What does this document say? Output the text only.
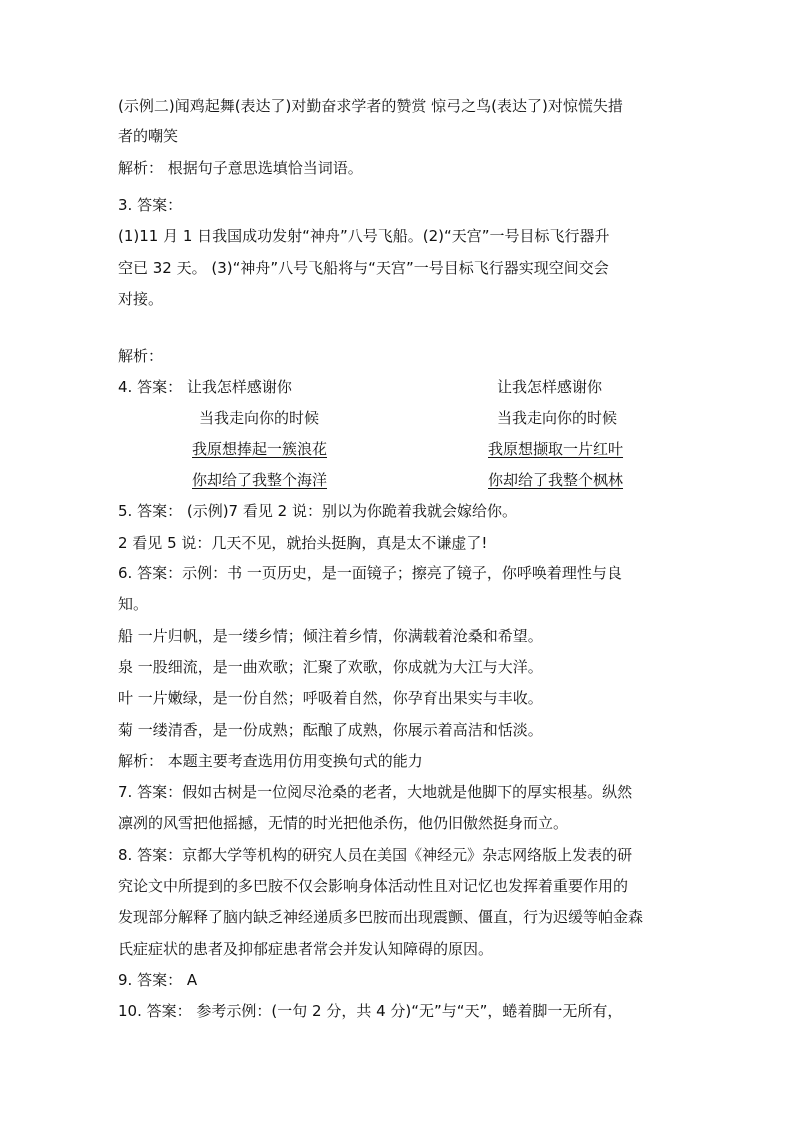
(示例二)闻鸡起舞(表达了)对勤奋求学者的赞赏 惊弓之鸟(表达了)对惊慌失措
者的嘲笑
解析： 根据句子意思选填恰当词语。
3. 答案：
(1)11 月 1 日我国成功发射“神舟”八号飞船。(2)“天宫”一号目标飞行器升
空已 32 天。 (3)“神舟”八号飞船将与“天宫”一号目标飞行器实现空间交会
对接。
解析：
4. 答案： 让我怎样感谢你	让我怎样感谢你
当我走向你的时候	当我走向你的时候
我原想捧起一簇浪花	我原想撷取一片红叶
你却给了我整个海洋	你却给了我整个枫林
5. 答案： (示例)7 看见 2 说：别以为你跪着我就会嫁给你。
2 看见 5 说：几天不见，就抬头挺胸，真是太不谦虚了!
6. 答案：示例：书 一页历史，是一面镜子；擦亮了镜子，你呼唤着理性与良
知。
船 一片归帆，是一缕乡情；倾注着乡情，你满载着沧桑和希望。
泉 一股细流，是一曲欢歌；汇聚了欢歌，你成就为大江与大洋。
叶 一片嫩绿，是一份自然；呼吸着自然，你孕育出果实与丰收。
菊 一缕清香，是一份成熟；酝酿了成熟，你展示着高洁和恬淡。
解析： 本题主要考查选用仿用变换句式的能力
7. 答案：假如古树是一位阅尽沧桑的老者，大地就是他脚下的厚实根基。纵然
凛冽的风雪把他摇撼，无情的时光把他杀伤，他仍旧傲然挺身而立。
8. 答案：京都大学等机构的研究人员在美国《神经元》杂志网络版上发表的研
究论文中所提到的多巴胺不仅会影响身体活动性且对记忆也发挥着重要作用的
发现部分解释了脑内缺乏神经递质多巴胺而出现震颤、僵直，行为迟缓等帕金森
氏症症状的患者及抑郁症患者常会并发认知障碍的原因。
9. 答案： A
10. 答案： 参考示例：(一句 2 分，共 4 分)“无”与“天”，蜷着脚一无所有，
